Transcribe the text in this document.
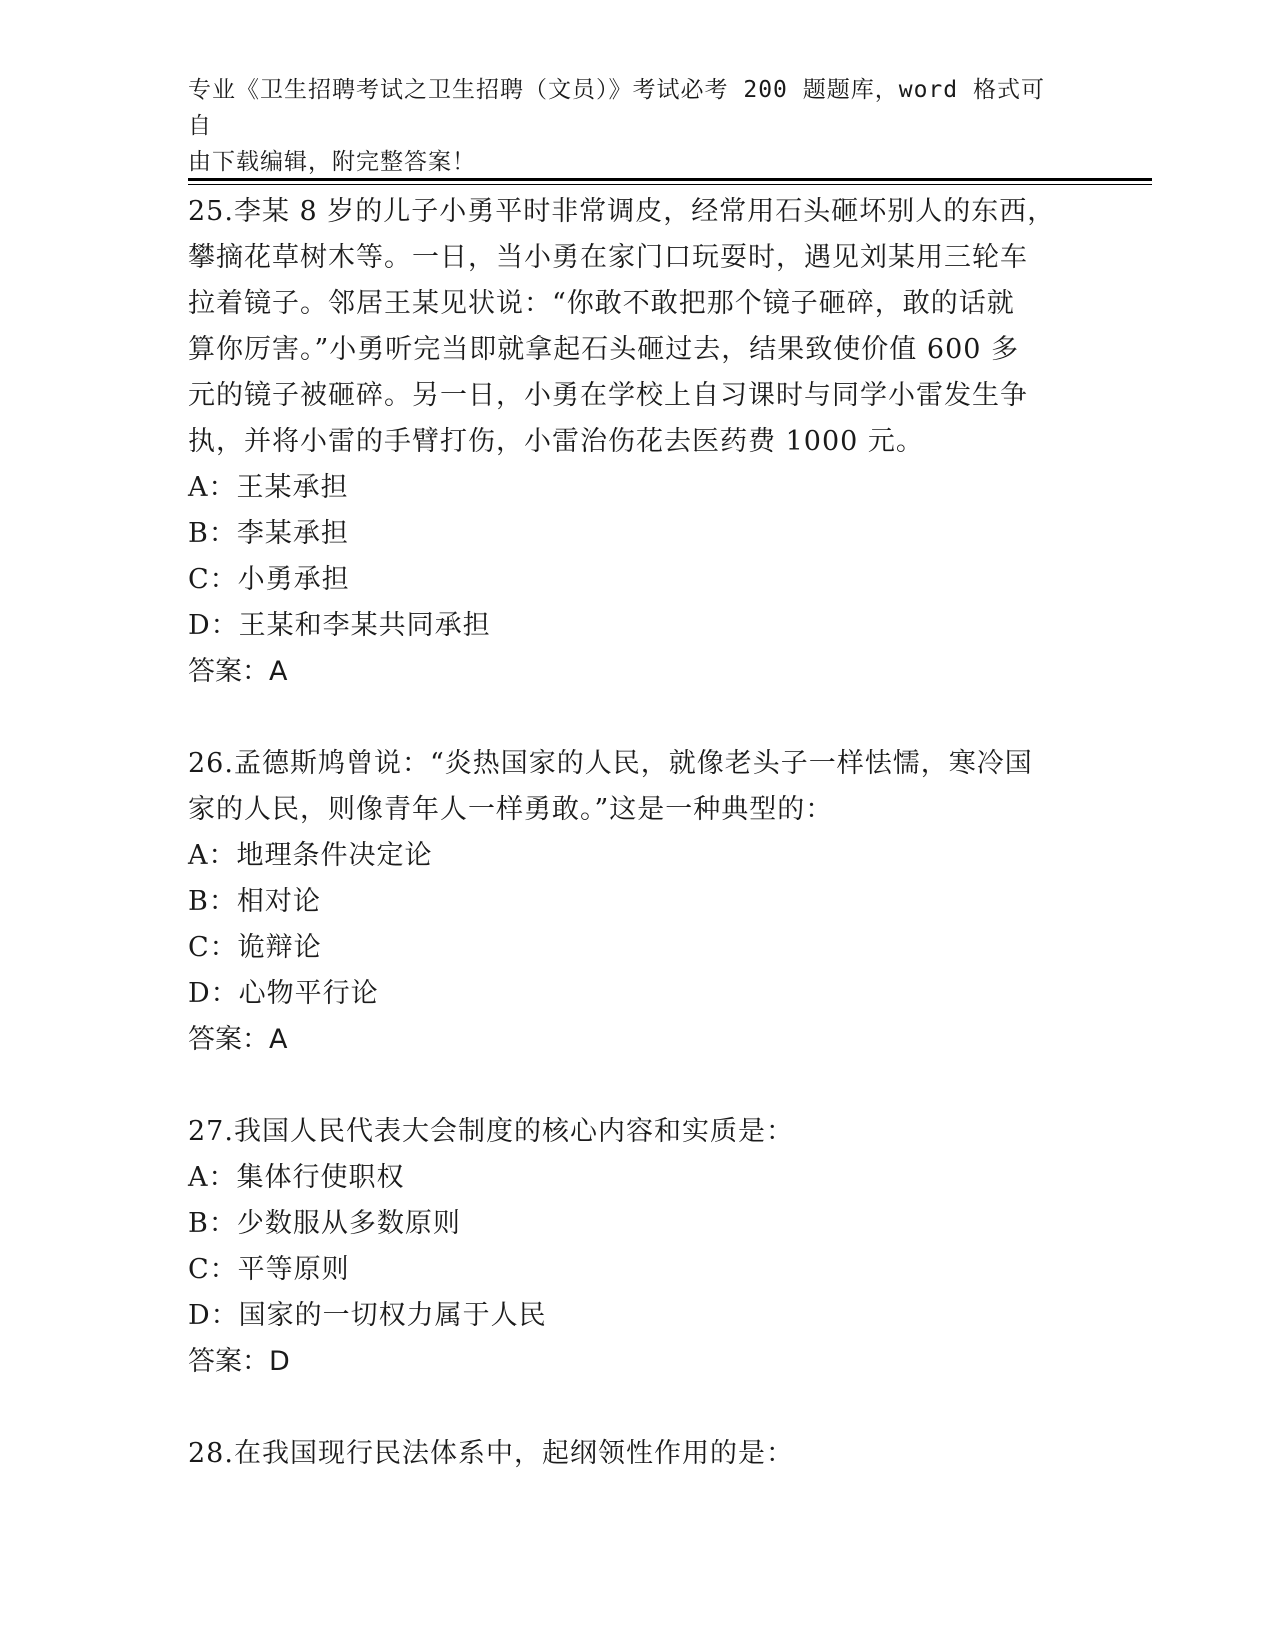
专业《卫生招聘考试之卫生招聘（文员）》考试必考 200 题题库，word 格式可自
由下载编辑，附完整答案！

25.李某 8 岁的儿子小勇平时非常调皮，经常用石头砸坏别人的东西，

攀摘花草树木等。一日，当小勇在家门口玩耍时，遇见刘某用三轮车

拉着镜子。邻居王某见状说：“你敢不敢把那个镜子砸碎，敢的话就

算你厉害。”小勇听完当即就拿起石头砸过去，结果致使价值 600 多

元的镜子被砸碎。另一日，小勇在学校上自习课时与同学小雷发生争

执，并将小雷的手臂打伤，小雷治伤花去医药费 1000 元。

A：王某承担

B：李某承担

C：小勇承担

D：王某和李某共同承担

答案：A

26.孟德斯鸠曾说：“炎热国家的人民，就像老头子一样怯懦，寒冷国

家的人民，则像青年人一样勇敢。”这是一种典型的：

A：地理条件决定论

B：相对论

C：诡辩论

D：心物平行论

答案：A

27.我国人民代表大会制度的核心内容和实质是：

A：集体行使职权

B：少数服从多数原则

C：平等原则

D：国家的一切权力属于人民

答案：D

28.在我国现行民法体系中，起纲领性作用的是：
